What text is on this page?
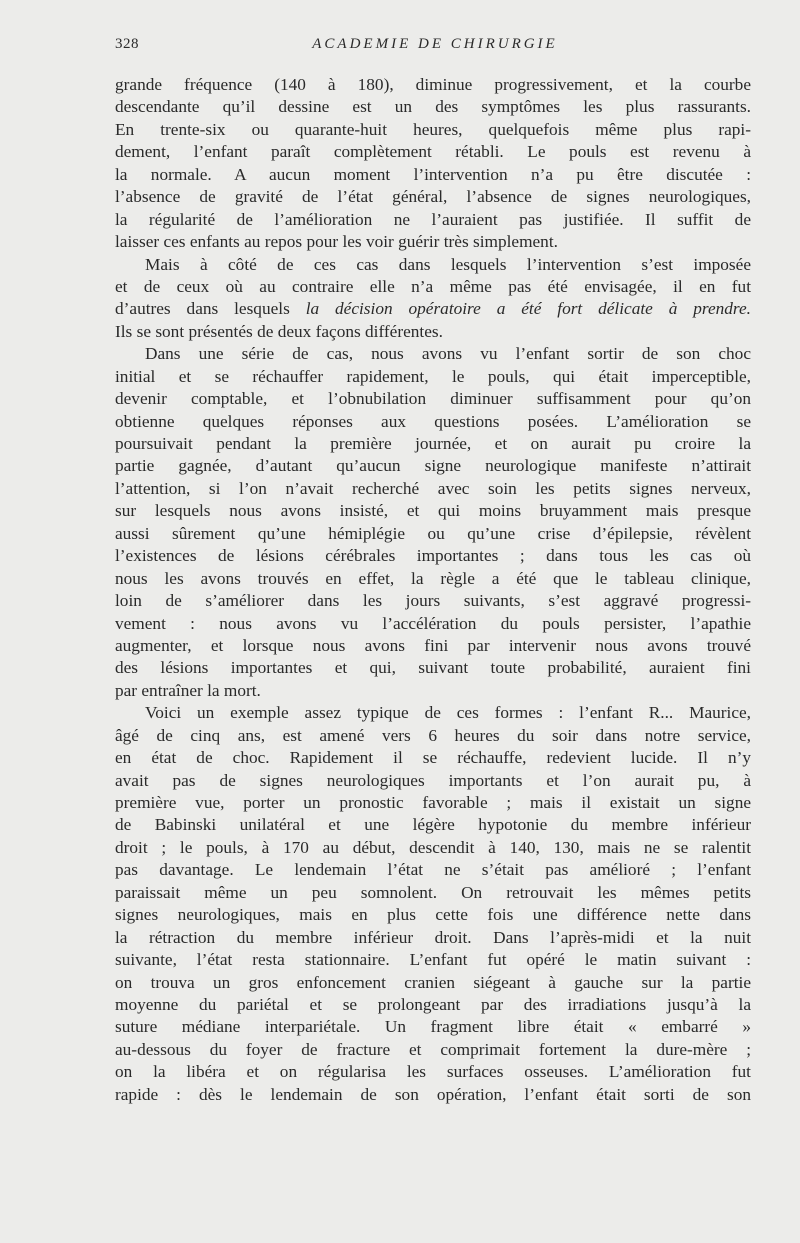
328	ACADEMIE DE CHIRURGIE
grande fréquence (140 à 180), diminue progressivement, et la courbe
descendante qu’il dessine est un des symptômes les plus rassurants.
En trente-six ou quarante-huit heures, quelquefois même plus rapi-
dement, l’enfant paraît complètement rétabli. Le pouls est revenu à
la normale. A aucun moment l’intervention n’a pu être discutée :
l’absence de gravité de l’état général, l’absence de signes neurologiques,
la régularité de l’amélioration ne l’auraient pas justifiée. Il suffit de
laisser ces enfants au repos pour les voir guérir très simplement.
Mais à côté de ces cas dans lesquels l’intervention s’est imposée
et de ceux où au contraire elle n’a même pas été envisagée, il en fut
d’autres dans lesquels la décision opératoire a été fort délicate à prendre.
Ils se sont présentés de deux façons différentes.
Dans une série de cas, nous avons vu l’enfant sortir de son choc
initial et se réchauffer rapidement, le pouls, qui était imperceptible,
devenir comptable, et l’obnubilation diminuer suffisamment pour qu’on
obtienne quelques réponses aux questions posées. L’amélioration se
poursuivait pendant la première journée, et on aurait pu croire la
partie gagnée, d’autant qu’aucun signe neurologique manifeste n’attirait
l’attention, si l’on n’avait recherché avec soin les petits signes nerveux,
sur lesquels nous avons insisté, et qui moins bruyamment mais presque
aussi sûrement qu’une hémiplégie ou qu’une crise d’épilepsie, révèlent
l’existences de lésions cérébrales importantes ; dans tous les cas où
nous les avons trouvés en effet, la règle a été que le tableau clinique,
loin de s’améliorer dans les jours suivants, s’est aggravé progressi-
vement : nous avons vu l’accélération du pouls persister, l’apathie
augmenter, et lorsque nous avons fini par intervenir nous avons trouvé
des lésions importantes et qui, suivant toute probabilité, auraient fini
par entraîner la mort.
Voici un exemple assez typique de ces formes : l’enfant R... Maurice,
âgé de cinq ans, est amené vers 6 heures du soir dans notre service,
en état de choc. Rapidement il se réchauffe, redevient lucide. Il n’y
avait pas de signes neurologiques importants et l’on aurait pu, à
première vue, porter un pronostic favorable ; mais il existait un signe
de Babinski unilatéral et une légère hypotonie du membre inférieur
droit ; le pouls, à 170 au début, descendit à 140, 130, mais ne se ralentit
pas davantage. Le lendemain l’état ne s’était pas amélioré ; l’enfant
paraissait même un peu somnolent. On retrouvait les mêmes petits
signes neurologiques, mais en plus cette fois une différence nette dans
la rétraction du membre inférieur droit. Dans l’après-midi et la nuit
suivante, l’état resta stationnaire. L’enfant fut opéré le matin suivant :
on trouva un gros enfoncement cranien siégeant à gauche sur la partie
moyenne du pariétal et se prolongeant par des irradiations jusqu’à la
suture médiane interpariétale. Un fragment libre était « embarré »
au-dessous du foyer de fracture et comprimait fortement la dure-mère ;
on la libéra et on régularisa les surfaces osseuses. L’amélioration fut
rapide : dès le lendemain de son opération, l’enfant était sorti de son
